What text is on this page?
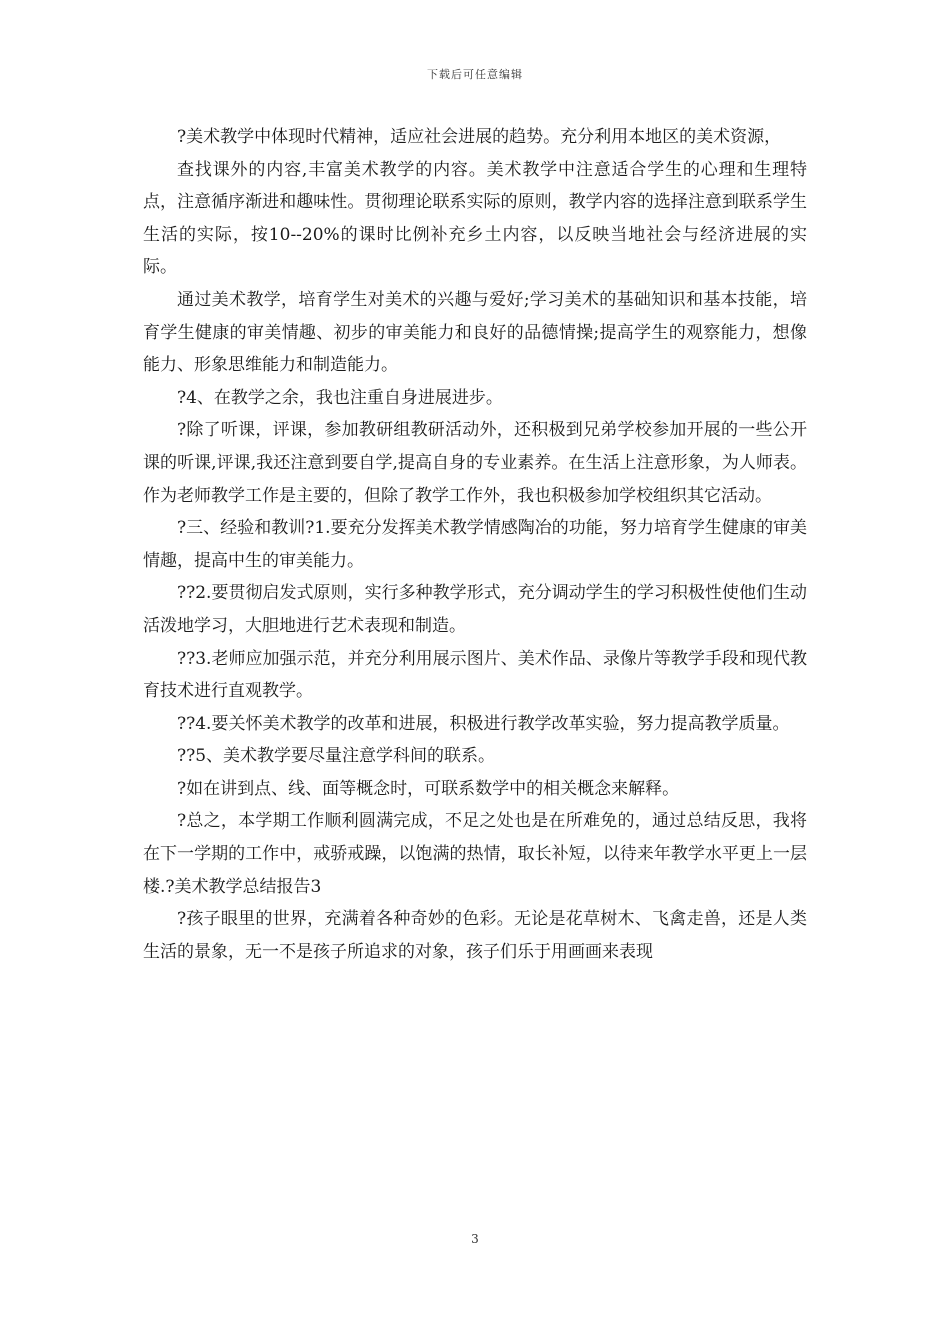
下载后可任意编辑

?美术教学中体现时代精神，适应社会进展的趋势。充分利用本地区的美术资源，

查找课外的内容,丰富美术教学的内容。美术教学中注意适合学生的心理和生理特点，注意循序渐进和趣味性。贯彻理论联系实际的原则，教学内容的选择注意到联系学生生活的实际，按10--20%的课时比例补充乡土内容，以反映当地社会与经济进展的实际。

通过美术教学，培育学生对美术的兴趣与爱好;学习美术的基础知识和基本技能，培育学生健康的审美情趣、初步的审美能力和良好的品德情操;提高学生的观察能力，想像能力、形象思维能力和制造能力。

?4、在教学之余，我也注重自身进展进步。

?除了听课，评课，参加教研组教研活动外，还积极到兄弟学校参加开展的一些公开课的听课,评课,我还注意到要自学,提高自身的专业素养。在生活上注意形象，为人师表。作为老师教学工作是主要的，但除了教学工作外，我也积极参加学校组织其它活动。

?三、经验和教训?1.要充分发挥美术教学情感陶冶的功能，努力培育学生健康的审美情趣，提高中生的审美能力。

??2.要贯彻启发式原则，实行多种教学形式，充分调动学生的学习积极性使他们生动活泼地学习，大胆地进行艺术表现和制造。

??3.老师应加强示范，并充分利用展示图片、美术作品、录像片等教学手段和现代教育技术进行直观教学。

??4.要关怀美术教学的改革和进展，积极进行教学改革实验，努力提高教学质量。

??5、美术教学要尽量注意学科间的联系。

?如在讲到点、线、面等概念时，可联系数学中的相关概念来解释。

?总之，本学期工作顺利圆满完成，不足之处也是在所难免的，通过总结反思，我将在下一学期的工作中，戒骄戒躁，以饱满的热情，取长补短，以待来年教学水平更上一层楼.?美术教学总结报告3

?孩子眼里的世界，充满着各种奇妙的色彩。无论是花草树木、飞禽走兽，还是人类生活的景象，无一不是孩子所追求的对象，孩子们乐于用画画来表现

3
